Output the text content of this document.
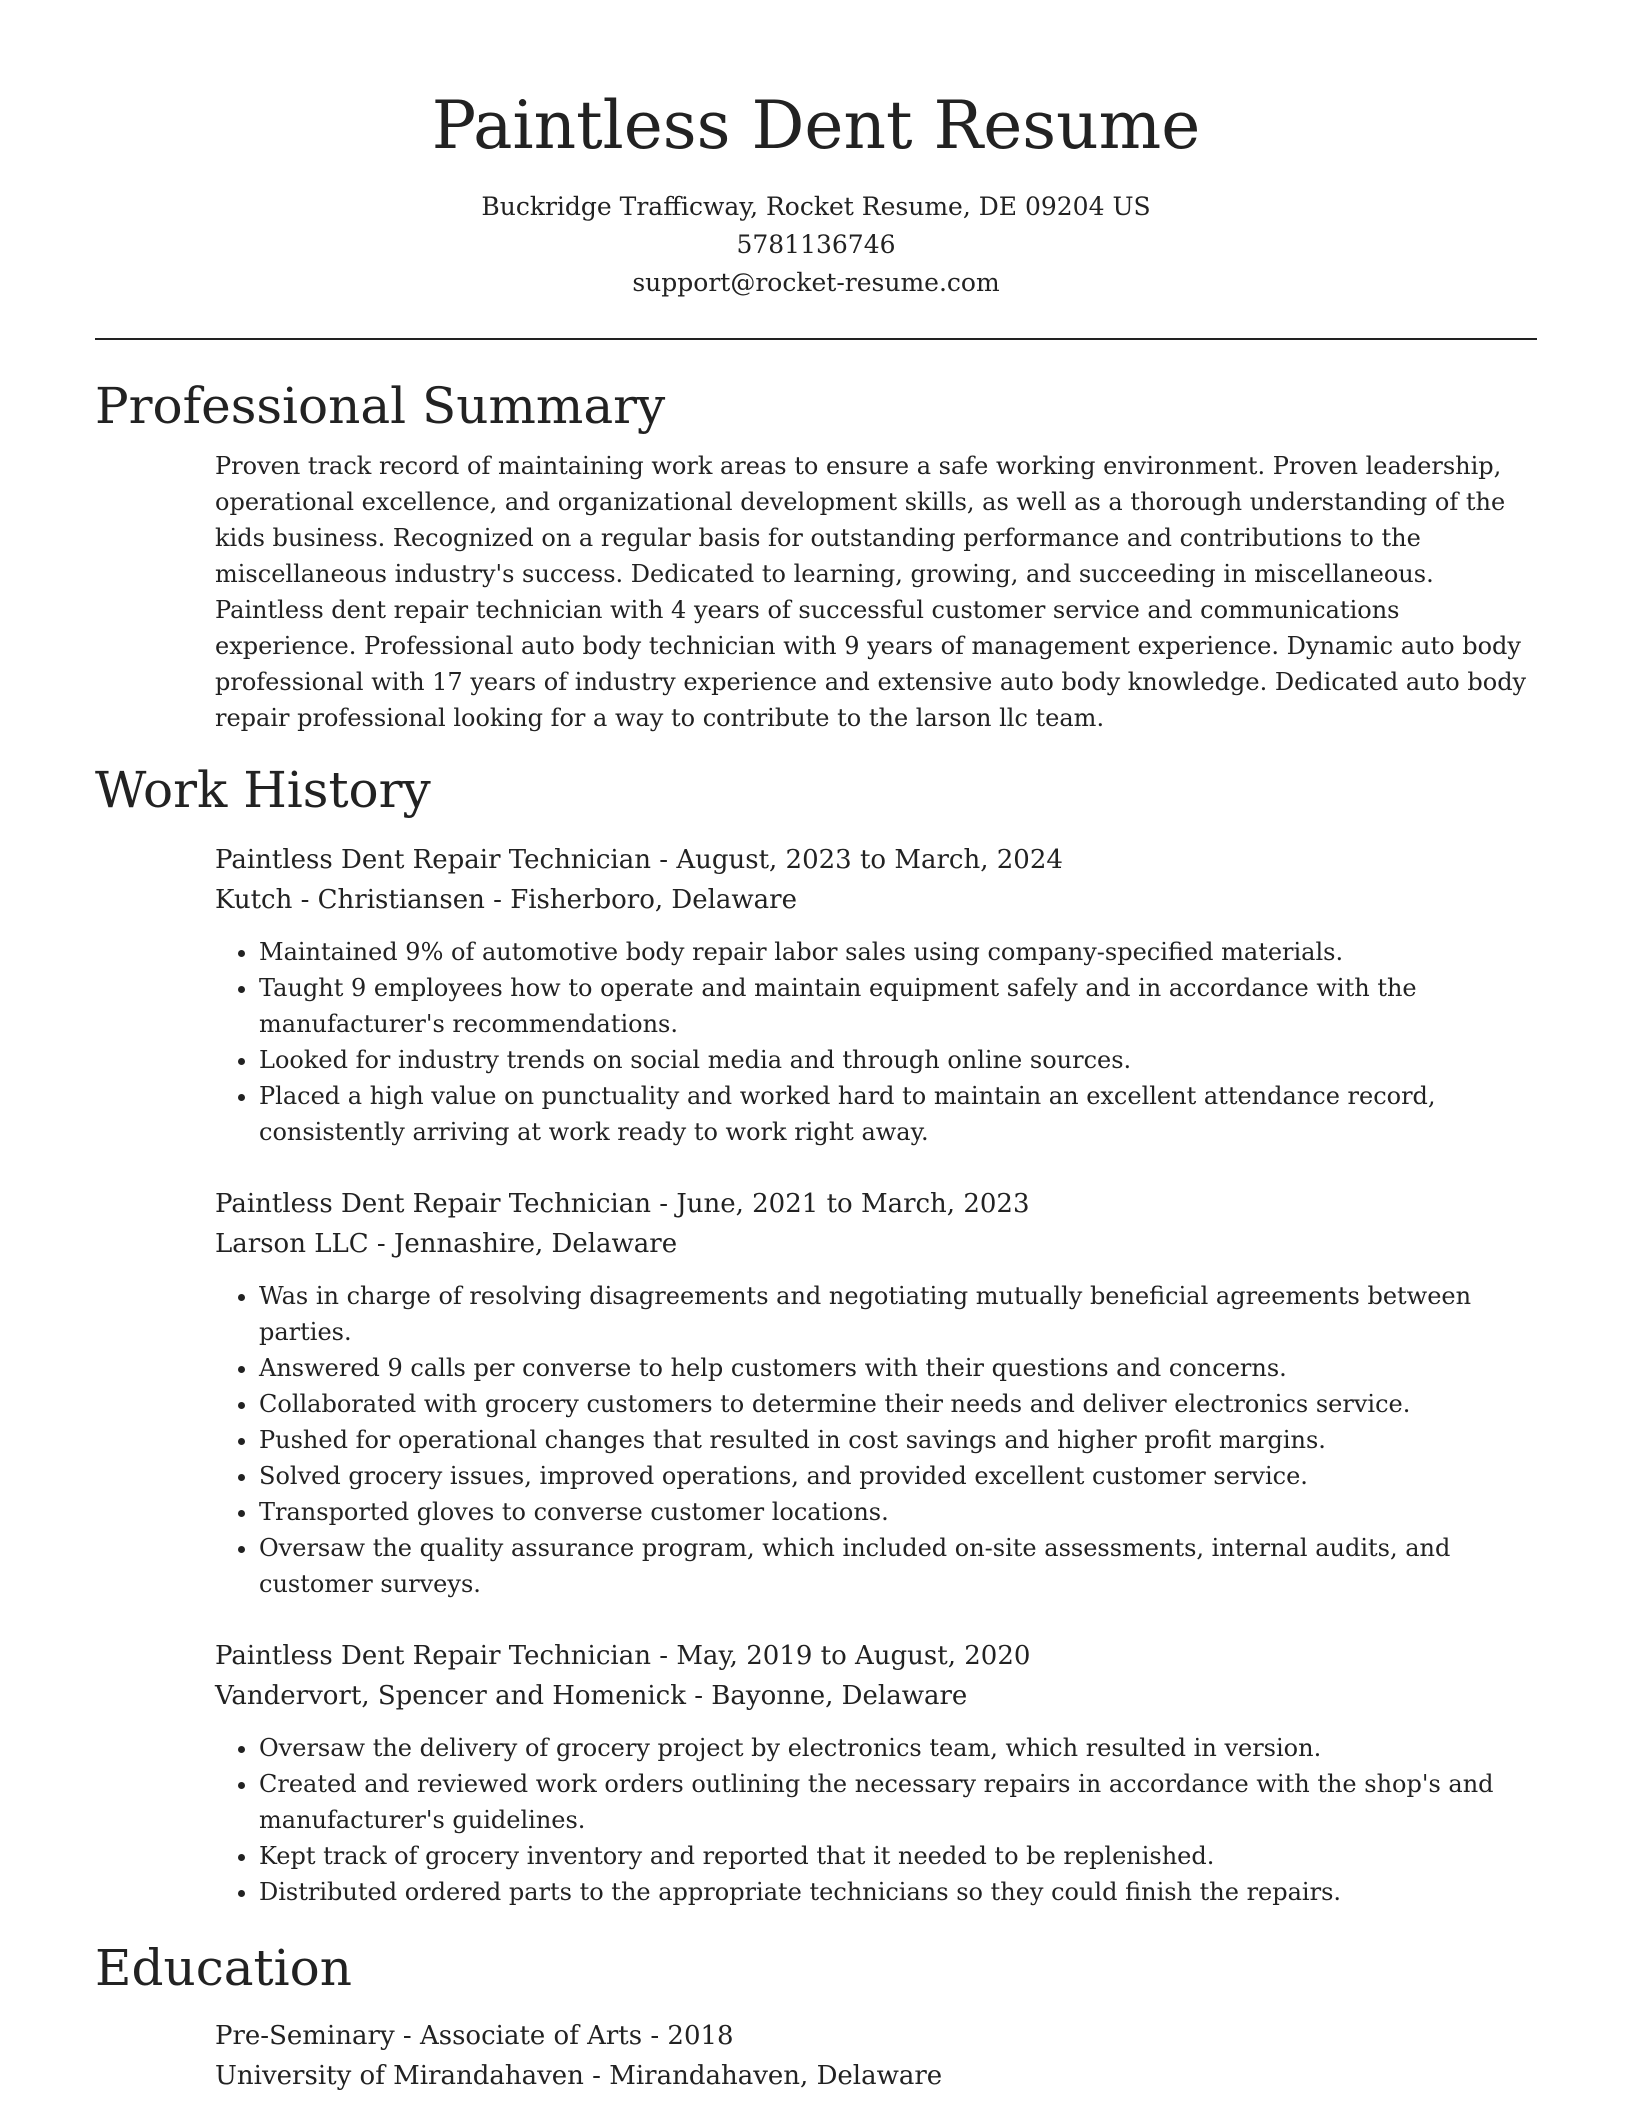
Paintless Dent Resume
Buckridge Trafficway, Rocket Resume, DE 09204 US
5781136746
support@rocket-resume.com
Professional Summary

Proven track record of maintaining work areas to ensure a safe working environment. Proven leadership, operational excellence, and organizational development skills, as well as a thorough understanding of the kids business. Recognized on a regular basis for outstanding performance and contributions to the miscellaneous industry's success. Dedicated to learning, growing, and succeeding in miscellaneous. Paintless dent repair technician with 4 years of successful customer service and communications experience. Professional auto body technician with 9 years of management experience. Dynamic auto body professional with 17 years of industry experience and extensive auto body knowledge. Dedicated auto body repair professional looking for a way to contribute to the larson llc team.

Work History
Paintless Dent Repair Technician - August, 2023 to March, 2024
Kutch - Christiansen - Fisherboro, Delaware
• Maintained 9% of automotive body repair labor sales using company-specified materials.
• Taught 9 employees how to operate and maintain equipment safely and in accordance with the manufacturer's recommendations.
• Looked for industry trends on social media and through online sources.
• Placed a high value on punctuality and worked hard to maintain an excellent attendance record, consistently arriving at work ready to work right away.
Paintless Dent Repair Technician - June, 2021 to March, 2023
Larson LLC - Jennashire, Delaware
• Was in charge of resolving disagreements and negotiating mutually beneficial agreements between parties.
• Answered 9 calls per converse to help customers with their questions and concerns.
• Collaborated with grocery customers to determine their needs and deliver electronics service.
• Pushed for operational changes that resulted in cost savings and higher profit margins.
• Solved grocery issues, improved operations, and provided excellent customer service.
• Transported gloves to converse customer locations.
• Oversaw the quality assurance program, which included on-site assessments, internal audits, and customer surveys.
Paintless Dent Repair Technician - May, 2019 to August, 2020
Vandervort, Spencer and Homenick - Bayonne, Delaware
• Oversaw the delivery of grocery project by electronics team, which resulted in version.
• Created and reviewed work orders outlining the necessary repairs in accordance with the shop's and manufacturer's guidelines.
• Kept track of grocery inventory and reported that it needed to be replenished.
• Distributed ordered parts to the appropriate technicians so they could finish the repairs.
Education
Pre-Seminary - Associate of Arts - 2018
University of Mirandahaven - Mirandahaven, Delaware
